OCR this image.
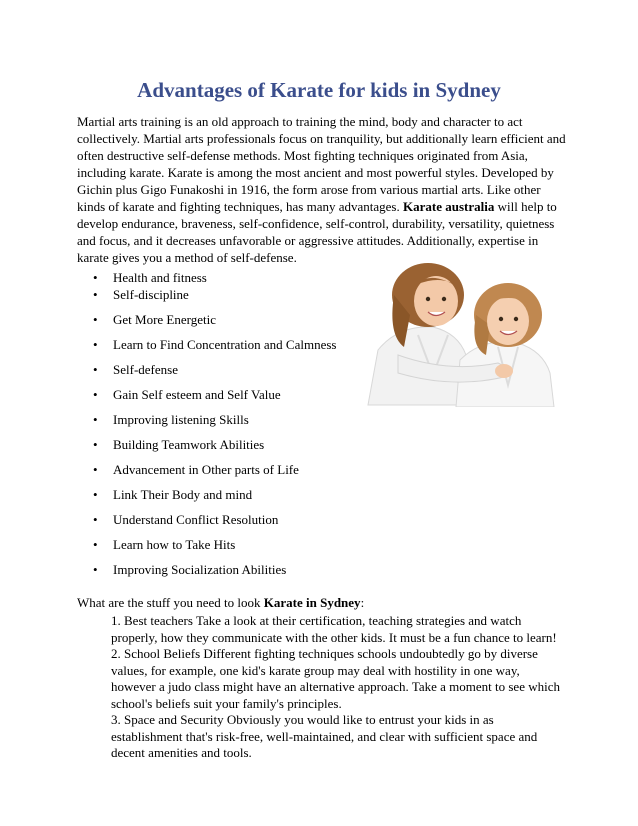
Advantages of Karate for kids in Sydney

Martial arts training is an old approach to training the mind, body and character to act collectively. Martial arts professionals focus on tranquility, but additionally learn efficient and often destructive self-defense methods. Most fighting techniques originated from Asia, including karate. Karate is among the most ancient and most powerful styles. Developed by Gichin plus Gigo Funakoshi in 1916, the form arose from various martial arts. Like other kinds of karate and fighting techniques, has many advantages. Karate australia will help to develop endurance, braveness, self-confidence, self-control, durability, versatility, quietness and focus, and it decreases unfavorable or aggressive attitudes. Additionally, expertise in karate gives you a method of self-defense.

• Health and fitness
• Self-discipline
• Get More Energetic
• Learn to Find Concentration and Calmness
• Self-defense
• Gain Self esteem and Self Value
• Improving listening Skills
• Building Teamwork Abilities
• Advancement in Other parts of Life
• Link Their Body and mind
• Understand Conflict Resolution
• Learn how to Take Hits
• Improving Socialization Abilities

What are the stuff you need to look Karate in Sydney:

1. Best teachers Take a look at their certification, teaching strategies and watch properly, how they communicate with the other kids. It must be a fun chance to learn!

2. School Beliefs Different fighting techniques schools undoubtedly go by diverse values, for example, one kid's karate group may deal with hostility in one way, however a judo class might have an alternative approach. Take a moment to see which school's beliefs suit your family's principles.

3. Space and Security Obviously you would like to entrust your kids in as establishment that's risk-free, well-maintained, and clear with sufficient space and decent amenities and tools.
